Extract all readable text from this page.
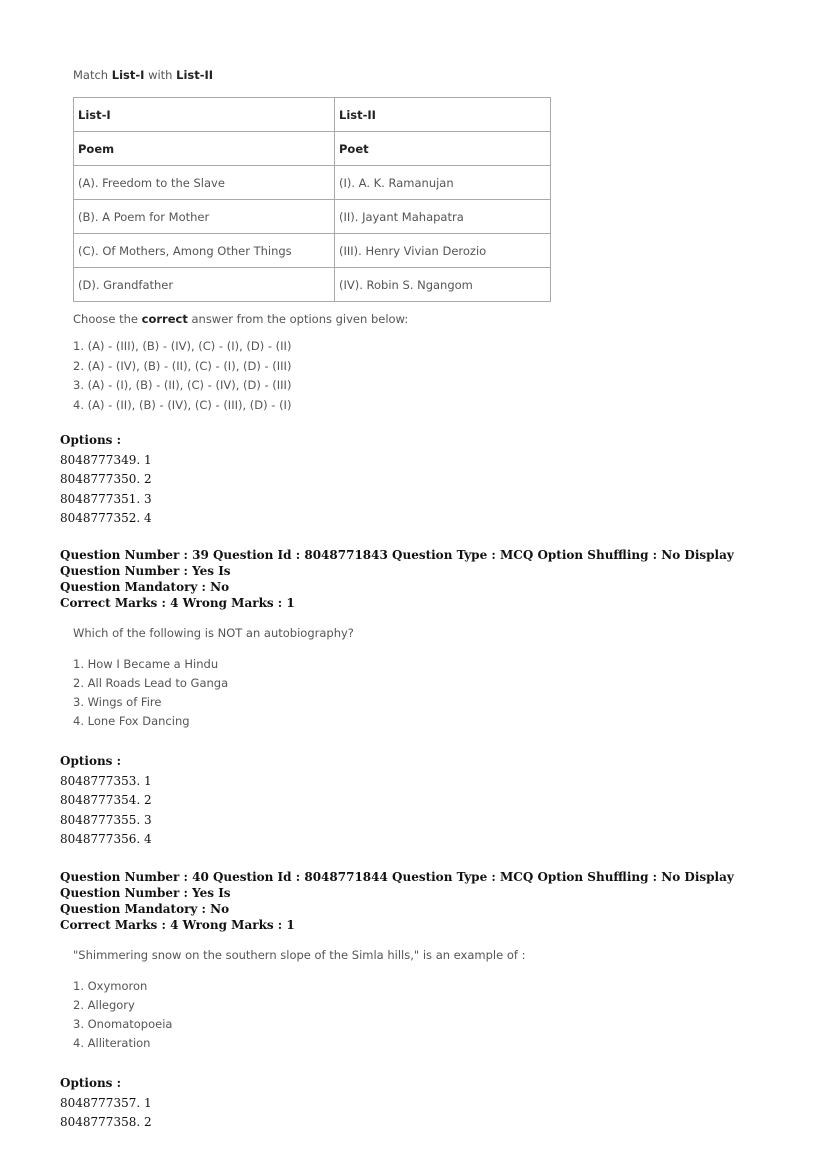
Match List-I with List-II

List-I	List-II
Poem	Poet
(A). Freedom to the Slave	(I). A. K. Ramanujan
(B). A Poem for Mother	(II). Jayant Mahapatra
(C). Of Mothers, Among Other Things	(III). Henry Vivian Derozio
(D). Grandfather	(IV). Robin S. Ngangom

Choose the correct answer from the options given below:

1. (A) - (III), (B) - (IV), (C) - (I), (D) - (II)

2. (A) - (IV), (B) - (II), (C) - (I), (D) - (III)

3. (A) - (I), (B) - (II), (C) - (IV), (D) - (III)

4. (A) - (II), (B) - (IV), (C) - (III), (D) - (I)

Options :

8048777349. 1

8048777350. 2

8048777351. 3

8048777352. 4

Question Number : 39 Question Id : 8048771843 Question Type : MCQ Option Shuffling : No Display Question Number : Yes Is

Question Mandatory : No

Correct Marks : 4 Wrong Marks : 1

Which of the following is NOT an autobiography?

1. How I Became a Hindu

2. All Roads Lead to Ganga

3. Wings of Fire

4. Lone Fox Dancing

Options :

8048777353. 1

8048777354. 2

8048777355. 3

8048777356. 4

Question Number : 40 Question Id : 8048771844 Question Type : MCQ Option Shuffling : No Display Question Number : Yes Is

Question Mandatory : No

Correct Marks : 4 Wrong Marks : 1

"Shimmering snow on the southern slope of the Simla hills," is an example of :

1. Oxymoron

2. Allegory

3. Onomatopoeia

4. Alliteration

Options :

8048777357. 1

8048777358. 2
